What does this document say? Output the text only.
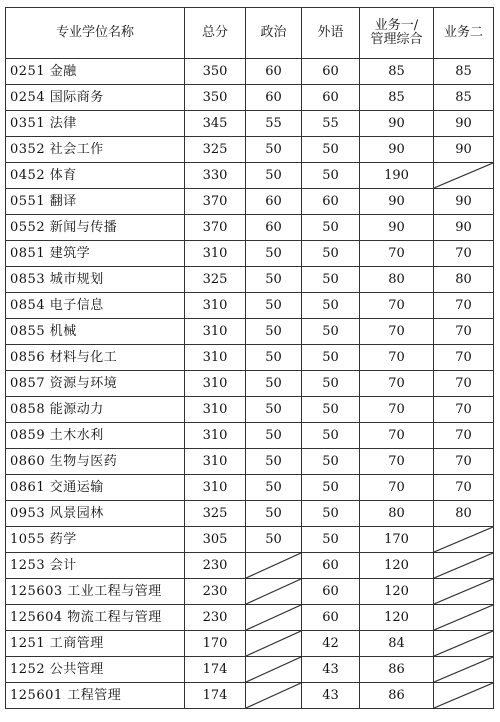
专业学位名称	总分	政治	外语	业务一/
管理综合	业务二
0251 金融	350	60	60	85	85
0254 国际商务	350	60	60	85	85
0351 法律	345	55	55	90	90
0352 社会工作	325	50	50	90	90
0452 体育	330	50	50	190	

0551 翻译	370	60	60	90	90
0552 新闻与传播	370	60	50	90	90
0851 建筑学	310	50	50	70	70
0853 城市规划	325	50	50	80	80
0854 电子信息	310	50	50	70	70
0855 机械	310	50	50	70	70
0856 材料与化工	310	50	50	70	70
0857 资源与环境	310	50	50	70	70
0858 能源动力	310	50	50	70	70
0859 土木水利	310	50	50	70	70
0860 生物与医药	310	50	50	70	70
0861 交通运输	310	50	50	70	70
0953 风景园林	325	50	50	80	80
1055 药学	305	50	50	170	

1253 会计	230		60	120	

125603 工业工程与管理	230		60	120	

125604 物流工程与管理	230		60	120	

1251 工商管理	170		42	84	

1252 公共管理	174		43	86	

125601 工程管理	174		43	86	
